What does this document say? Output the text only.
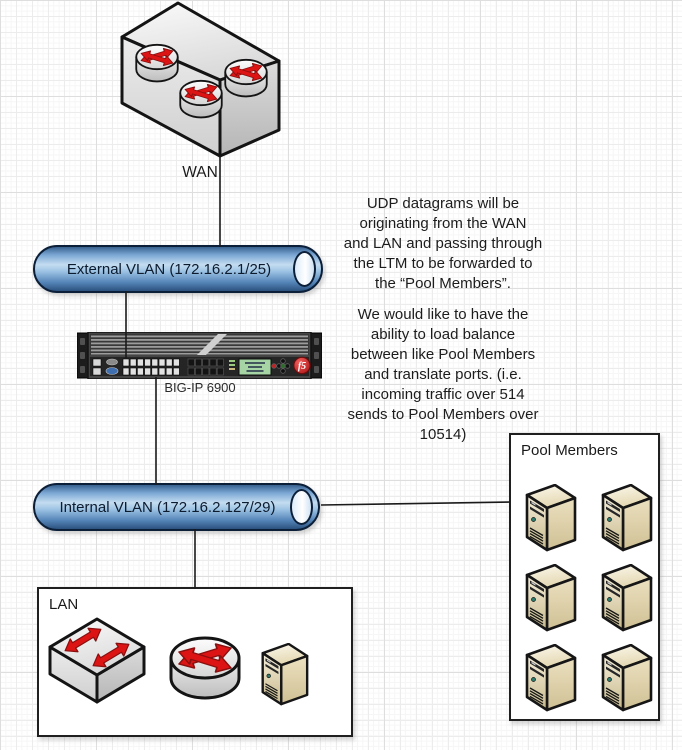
WAN
External VLAN (172.16.2.1/25)
f5
BIG-IP 6900
Internal VLAN (172.16.2.127/29)
LAN
Pool Members
UDP datagrams will be
originating from the WAN
and LAN and passing through
the LTM to be forwarded to
the “Pool Members”.
We would like to have the
ability to load balance
between like Pool Members
and translate ports. (i.e.
incoming traffic over 514
sends to Pool Members over
10514)
